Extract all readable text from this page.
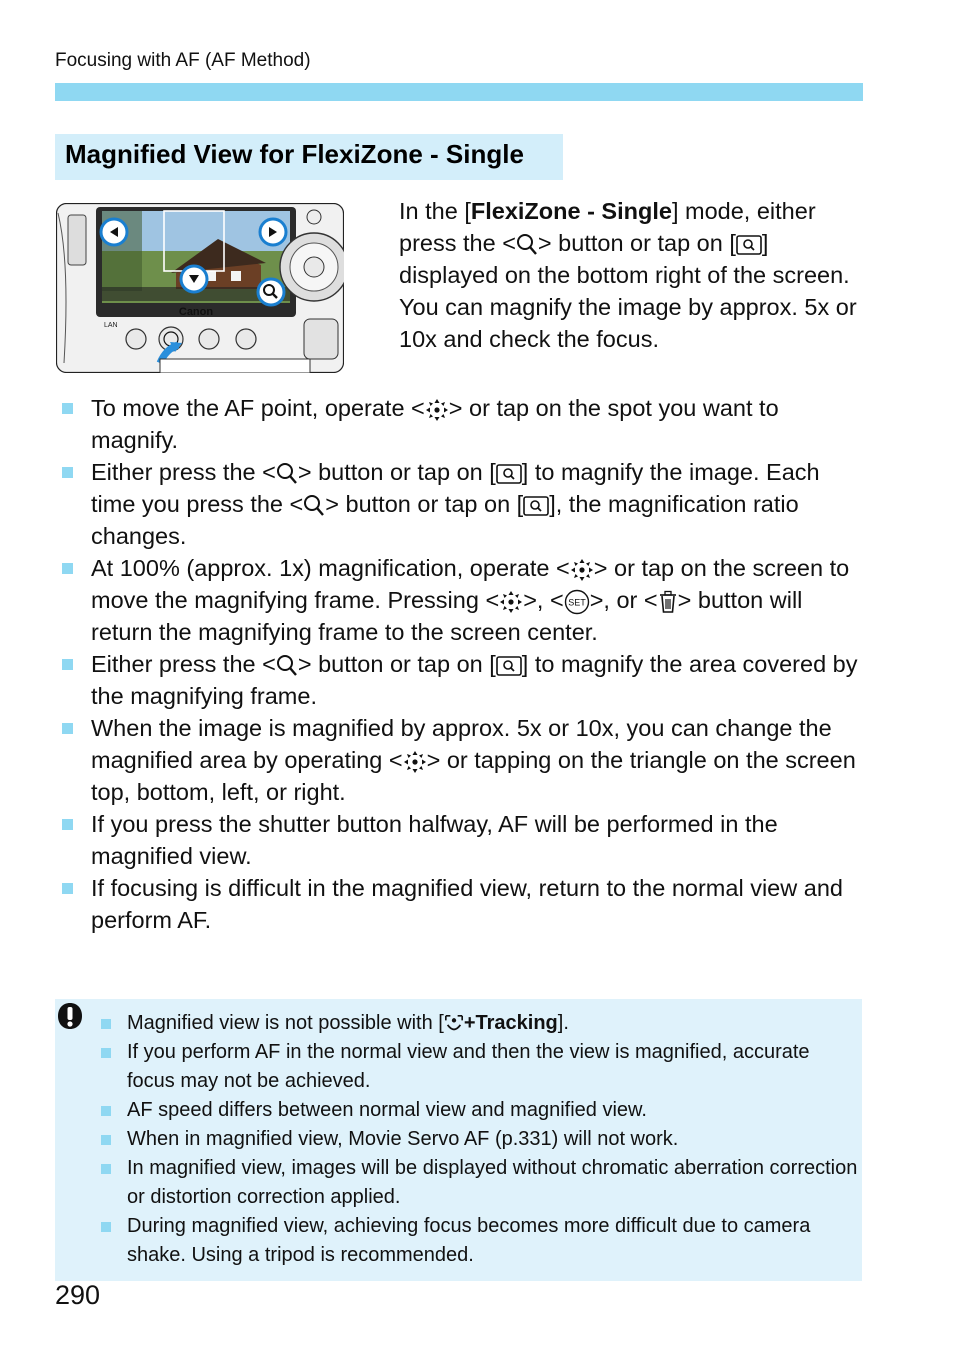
Focusing with AF (AF Method)
Magnified View for FlexiZone - Single
Canon
LAN
In the [FlexiZone - Single] mode, either press the < > button or tap on [ ] displayed on the bottom right of the screen. You can magnify the image by approx. 5x or 10x and check the focus.
To move the AF point, operate < > or tap on the spot you want to magnify.
Either press the < > button or tap on [ ] to magnify the image. Each time you press the < > button or tap on [ ], the magnification ratio changes.
At 100% (approx. 1x) magnification, operate < > or tap on the screen to move the magnifying frame. Pressing < >, < >, or < > button will return the magnifying frame to the screen center.
Either press the < > button or tap on [ ] to magnify the area covered by the magnifying frame.
When the image is magnified by approx. 5x or 10x, you can change the magnified area by operating < > or tapping on the triangle on the screen top, bottom, left, or right.
If you press the shutter button halfway, AF will be performed in the magnified view.
If focusing is difficult in the magnified view, return to the normal view and perform AF.
Magnified view is not possible with [ +Tracking].
If you perform AF in the normal view and then the view is magnified, accurate focus may not be achieved.
AF speed differs between normal view and magnified view.
When in magnified view, Movie Servo AF (p.331) will not work.
In magnified view, images will be displayed without chromatic aberration correction or distortion correction applied.
During magnified view, achieving focus becomes more difficult due to camera shake. Using a tripod is recommended.
290
